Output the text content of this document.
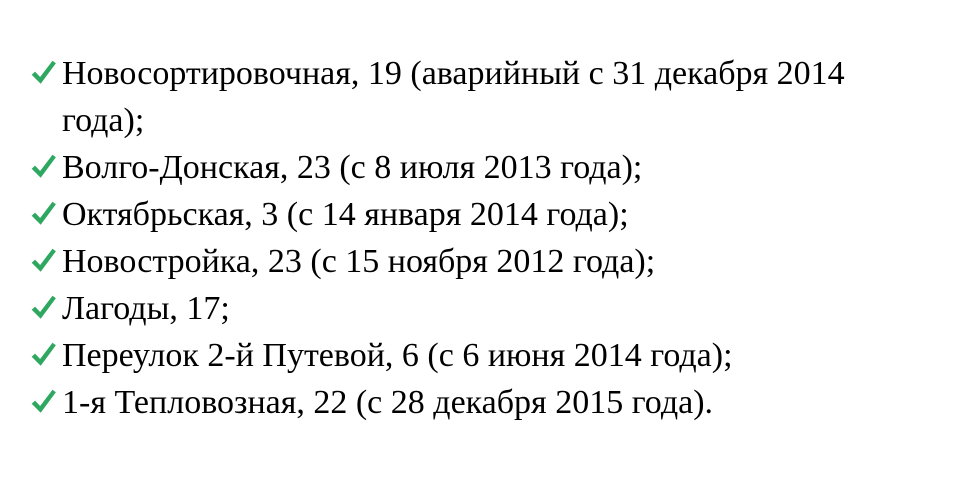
Новосортировочная, 19 (аварийный с 31 декабря 2014 года);
Волго-Донская, 23 (с 8 июля 2013 года);
Октябрьская, 3 (с 14 января 2014 года);
Новостройка, 23 (с 15 ноября 2012 года);
Лагоды, 17;
Переулок 2-й Путевой, 6 (с 6 июня 2014 года);
1-я Тепловозная, 22 (с 28 декабря 2015 года).
